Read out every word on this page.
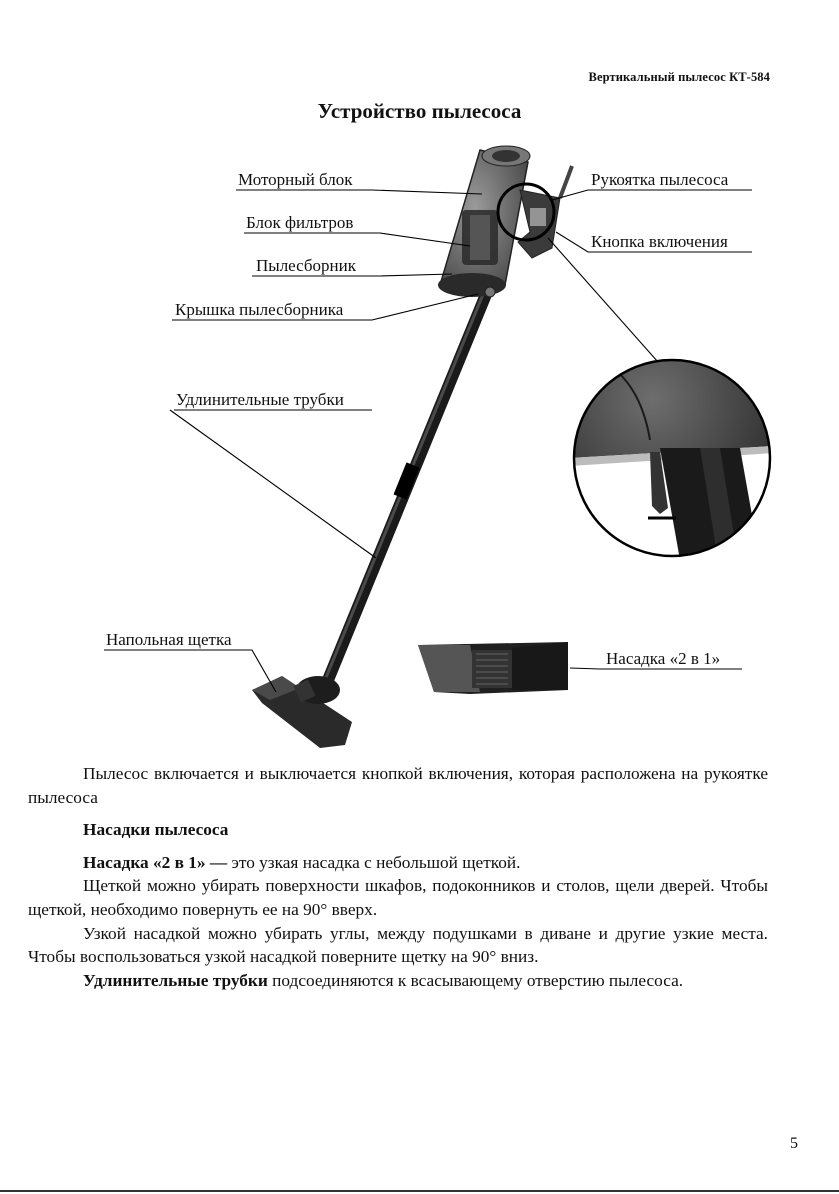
Вертикальный пылесос КТ-584
Устройство пылесоса
Моторный блок
Блок фильтров
Пылесборник
Крышка пылесборника
Удлинительные трубки
Напольная щетка
Рукоятка пылесоса
Кнопка включения
Насадка «2 в 1»

Пылесос включается и выключается кнопкой включения, которая расположена на рукоятке пылесоса

Насадки пылесоса

Насадка «2 в 1» — это узкая насадка с небольшой щеткой.

Щеткой можно убирать поверхности шкафов, подоконников и столов, щели дверей. Чтобы щеткой, необходимо повернуть ее на 90° вверх.

Узкой насадкой можно убирать углы, между подушками в диване и другие узкие места. Чтобы воспользоваться узкой насадкой поверните щетку на 90° вниз.

Удлинительные трубки подсоединяются к всасывающему отверстию пылесоса.

5
